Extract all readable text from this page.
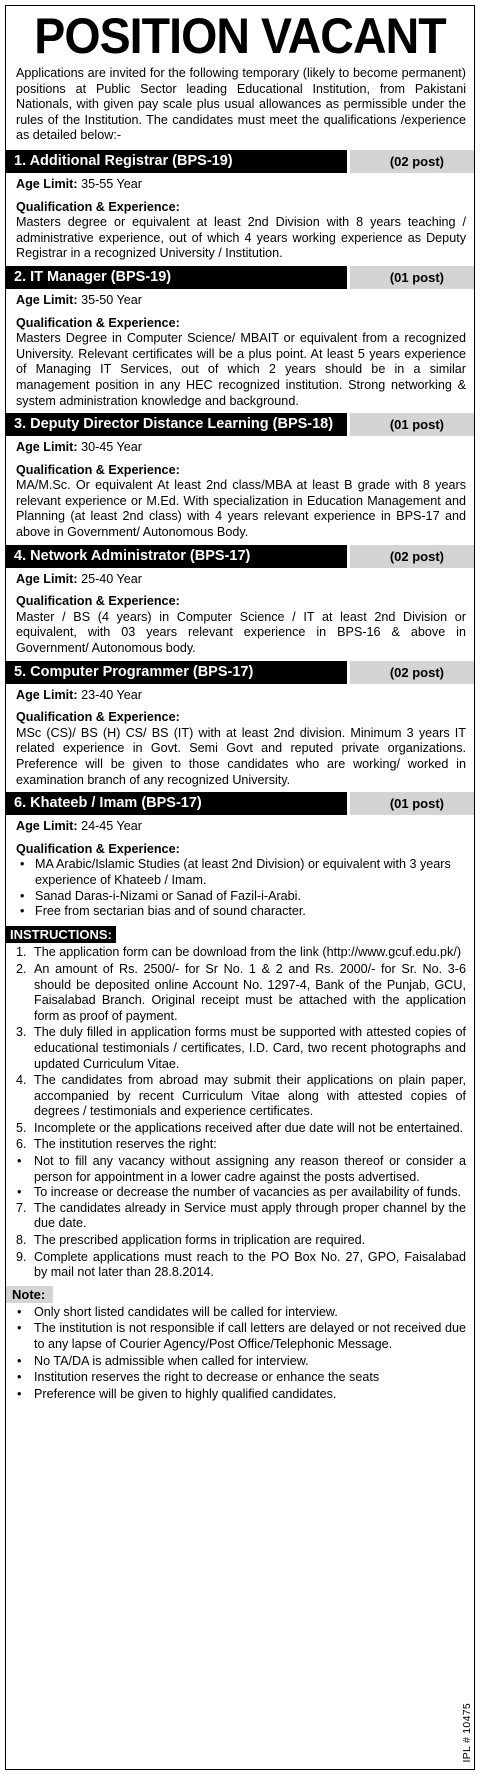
POSITION VACANT
Applications are invited for the following temporary (likely to become permanent) positions at Public Sector leading Educational Institution, from Pakistani Nationals, with given pay scale plus usual allowances as permissible under the rules of the Institution. The candidates must meet the qualifications /experience as detailed below:-
1. Additional Registrar (BPS-19)	(02 post)
Age Limit: 35-55 Year
Qualification & Experience:
Masters degree or equivalent at least 2nd Division with 8 years teaching / administrative experience, out of which 4 years working experience as Deputy Registrar in a recognized University / Institution.
2. IT Manager (BPS-19)	(01 post)
Age Limit: 35-50 Year
Qualification & Experience:
Masters Degree in Computer Science/ MBAIT or equivalent from a recognized University. Relevant certificates will be a plus point. At least 5 years experience of Managing IT Services, out of which 2 years should be in a similar management position in any HEC recognized institution. Strong networking & system administration knowledge and background.
3. Deputy Director Distance Learning (BPS-18)	(01 post)
Age Limit: 30-45 Year
Qualification & Experience:
MA/M.Sc. Or equivalent At least 2nd class/MBA at least B grade with 8 years relevant experience or M.Ed. With specialization in Education Management and Planning (at least 2nd class) with 4 years relevant experience in BPS-17 and above in Government/ Autonomous Body.
4. Network Administrator (BPS-17)	(02 post)
Age Limit: 25-40 Year
Qualification & Experience:
Master / BS (4 years) in Computer Science / IT at least 2nd Division or equivalent, with 03 years relevant experience in BPS-16 & above in Government/ Autonomous body.
5. Computer Programmer (BPS-17)	(02 post)
Age Limit: 23-40 Year
Qualification & Experience:
MSc (CS)/ BS (H) CS/ BS (IT) with at least 2nd division. Minimum 3 years IT related experience in Govt. Semi Govt and reputed private organizations. Preference will be given to those candidates who are working/ worked in examination branch of any recognized University.
6. Khateeb / Imam (BPS-17)	(01 post)
Age Limit: 24-45 Year
Qualification & Experience:
• MA Arabic/Islamic Studies (at least 2nd Division) or equivalent with 3 years experience of Khateeb / Imam.
• Sanad Daras-i-Nizami or Sanad of Fazil-i-Arabi.
• Free from sectarian bias and of sound character.
INSTRUCTIONS:
1. The application form can be download from the link (http://www.gcuf.edu.pk/)
2. An amount of Rs. 2500/- for Sr No. 1 & 2 and Rs. 2000/- for Sr. No. 3-6 should be deposited online Account No. 1297-4, Bank of the Punjab, GCU, Faisalabad Branch. Original receipt must be attached with the application form as proof of payment.
3. The duly filled in application forms must be supported with attested copies of educational testimonials / certificates, I.D. Card, two recent photographs and updated Curriculum Vitae.
4. The candidates from abroad may submit their applications on plain paper, accompanied by recent Curriculum Vitae along with attested copies of degrees / testimonials and experience certificates.
5. Incomplete or the applications received after due date will not be entertained.
6. The institution reserves the right:
• Not to fill any vacancy without assigning any reason thereof or consider a person for appointment in a lower cadre against the posts advertised.
• To increase or decrease the number of vacancies as per availability of funds.
7. The candidates already in Service must apply through proper channel by the due date.
8. The prescribed application forms in triplication are required.
9. Complete applications must reach to the PO Box No. 27, GPO, Faisalabad by mail not later than 28.8.2014.
Note:
• Only short listed candidates will be called for interview.
• The institution is not responsible if call letters are delayed or not received due to any lapse of Courier Agency/Post Office/Telephonic Message.
• No TA/DA is admissible when called for interview.
• Institution reserves the right to decrease or enhance the seats
• Preference will be given to highly qualified candidates.
IPL # 10475
